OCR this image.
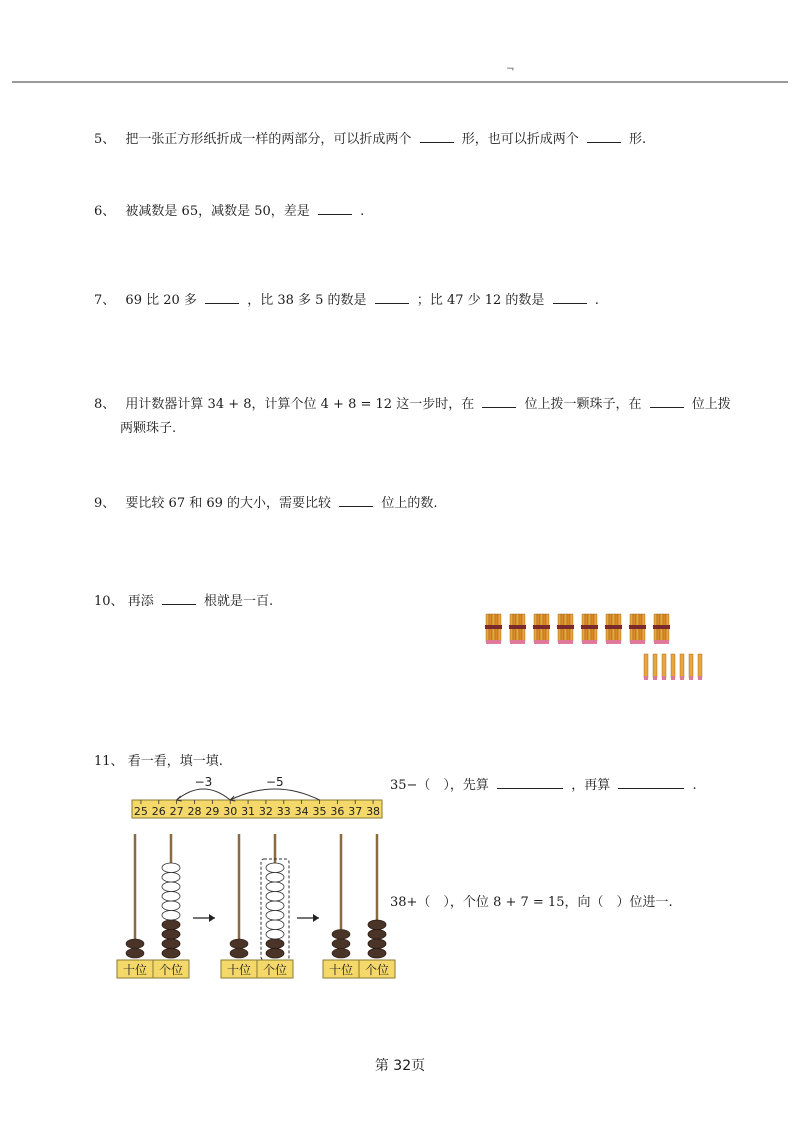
¬
5、 把一张正方形纸折成一样的两部分，可以折成两个	形，也可以折成两个	形.
6、 被减数是 65，减数是 50，差是	.
7、 69 比 20 多	，比 38 多 5 的数是	；比 47 少 12 的数是	.
8、 用计数器计算 34 + 8，计算个位 4 + 8 = 12 这一步时，在	位上拨一颗珠子，在	位上拨
两颗珠子.
9、 要比较 67 和 69 的大小，需要比较	位上的数.
10、 再添	根就是一百.
11、 看一看，填一填.
25 26 27 28 29 30 31 32 33 34 35 36 37 38
−3	−5	35−（　），先算	，再算	.
十位 个位	十位 个位	十位 个位
38+（　），个位 8 + 7 = 15，向（　）位进一.
第 32页
